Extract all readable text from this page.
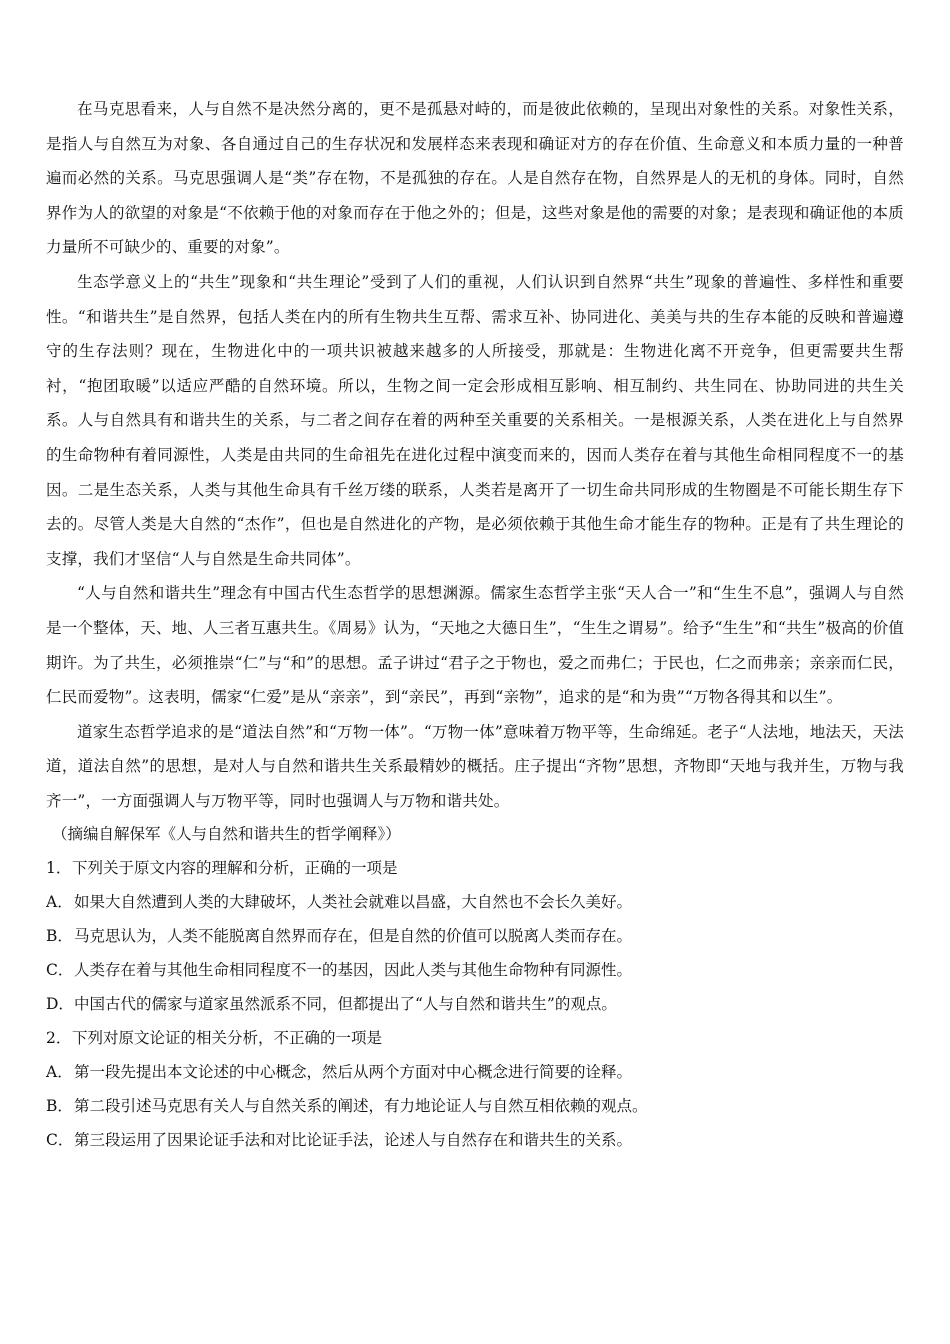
在马克思看来，人与自然不是决然分离的，更不是孤悬对峙的，而是彼此依赖的，呈现出对象性的关系。对象性关系，是指人与自然互为对象、各自通过自己的生存状况和发展样态来表现和确证对方的存在价值、生命意义和本质力量的一种普遍而必然的关系。马克思强调人是“类”存在物，不是孤独的存在。人是自然存在物，自然界是人的无机的身体。同时，自然界作为人的欲望的对象是“不依赖于他的对象而存在于他之外的；但是，这些对象是他的需要的对象；是表现和确证他的本质力量所不可缺少的、重要的对象”。

生态学意义上的“共生”现象和“共生理论”受到了人们的重视，人们认识到自然界“共生”现象的普遍性、多样性和重要性。“和谐共生”是自然界，包括人类在内的所有生物共生互帮、需求互补、协同进化、美美与共的生存本能的反映和普遍遵守的生存法则？现在，生物进化中的一项共识被越来越多的人所接受，那就是：生物进化离不开竞争，但更需要共生帮衬，“抱团取暖”以适应严酷的自然环境。所以，生物之间一定会形成相互影响、相互制约、共生同在、协助同进的共生关系。人与自然具有和谐共生的关系，与二者之间存在着的两种至关重要的关系相关。一是根源关系，人类在进化上与自然界的生命物种有着同源性，人类是由共同的生命祖先在进化过程中演变而来的，因而人类存在着与其他生命相同程度不一的基因。二是生态关系，人类与其他生命具有千丝万缕的联系，人类若是离开了一切生命共同形成的生物圈是不可能长期生存下去的。尽管人类是大自然的“杰作”，但也是自然进化的产物，是必须依赖于其他生命才能生存的物种。正是有了共生理论的支撑，我们才坚信“人与自然是生命共同体”。

“人与自然和谐共生”理念有中国古代生态哲学的思想渊源。儒家生态哲学主张“天人合一”和“生生不息”，强调人与自然是一个整体，天、地、人三者互惠共生。《周易》认为，“天地之大德日生”，“生生之谓易”。给予“生生”和“共生”极高的价值期许。为了共生，必须推崇“仁”与“和”的思想。孟子讲过“君子之于物也，爱之而弗仁；于民也，仁之而弗亲；亲亲而仁民，仁民而爱物”。这表明，儒家“仁爱”是从“亲亲”，到“亲民”，再到“亲物”，追求的是“和为贵”“万物各得其和以生”。

道家生态哲学追求的是“道法自然”和“万物一体”。“万物一体”意味着万物平等，生命绵延。老子“人法地，地法天，天法道，道法自然”的思想，是对人与自然和谐共生关系最精妙的概括。庄子提出“齐物”思想，齐物即“天地与我并生，万物与我齐一”，一方面强调人与万物平等，同时也强调人与万物和谐共处。

（摘编自解保军《人与自然和谐共生的哲学阐释》）

1．下列关于原文内容的理解和分析，正确的一项是

A．如果大自然遭到人类的大肆破坏，人类社会就难以昌盛，大自然也不会长久美好。

B．马克思认为，人类不能脱离自然界而存在，但是自然的价值可以脱离人类而存在。

C．人类存在着与其他生命相同程度不一的基因，因此人类与其他生命物种有同源性。

D．中国古代的儒家与道家虽然派系不同，但都提出了“人与自然和谐共生”的观点。

2．下列对原文论证的相关分析，不正确的一项是

A．第一段先提出本文论述的中心概念，然后从两个方面对中心概念进行简要的诠释。

B．第二段引述马克思有关人与自然关系的阐述，有力地论证人与自然互相依赖的观点。

C．第三段运用了因果论证手法和对比论证手法，论述人与自然存在和谐共生的关系。
